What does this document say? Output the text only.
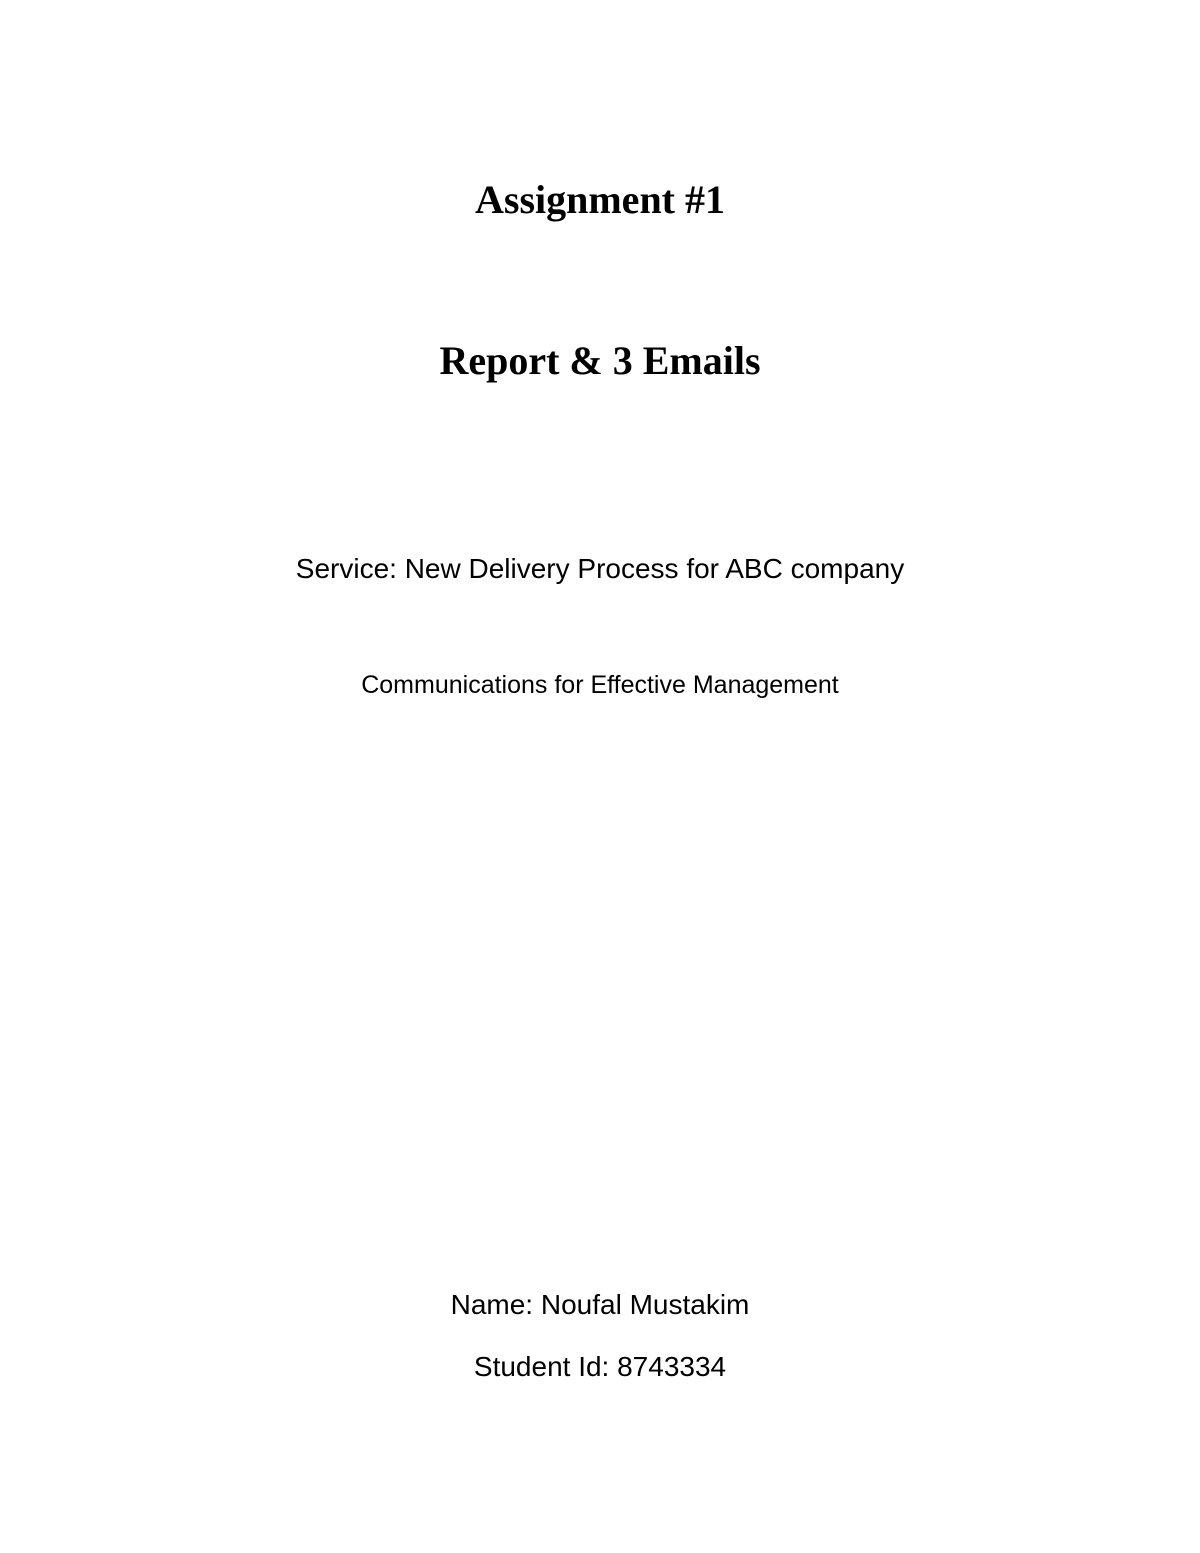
Assignment #1
Report & 3 Emails

Service: New Delivery Process for ABC company

Communications for Effective Management

Name: Noufal Mustakim

Student Id: 8743334
